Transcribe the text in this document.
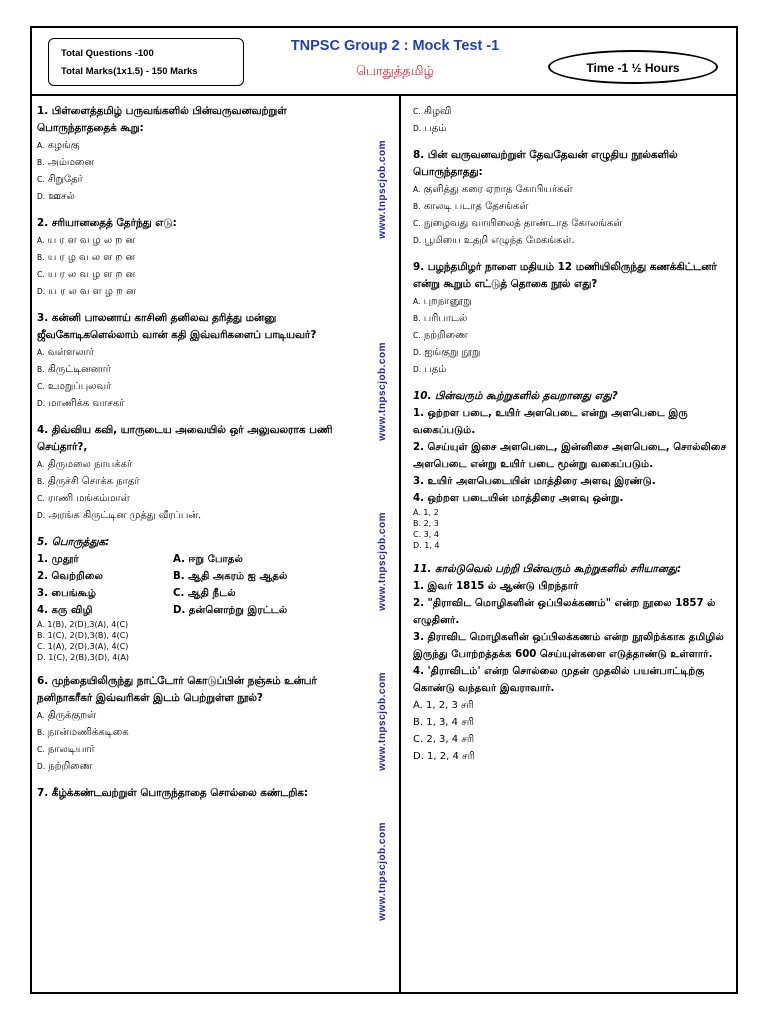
Total Questions -100
Total Marks(1x1.5) - 150 Marks
TNPSC Group 2 : Mock Test -1
பொதுத்தமிழ்	Time -1 ½ Hours
www.tnpscjob.com
www.tnpscjob.com
www.tnpscjob.com
www.tnpscjob.com
www.tnpscjob.com
1. பிள்ளைத்தமிழ் பருவங்களில் பின்வருவனவற்றுள் பொருந்தாததைக் கூறு:
A. கழங்கு
B. அம்மனை
C. சிறுதேர்
D. ஊசல்
2. சரியானதைத் தேர்ந்து எடு:
A. ய ர ள வ ழ ல ற ன
B. ய ர ழ வ ல ள ற ன
C. ய ர ல வ ழ ள ற ன
D. ய ர ல வ ள ழ ற ன
3. கன்னி பாலனாய் காசினி தனிலவ தரித்து மன்னு ஜீவகோடிகளெல்லாம் வான் கதி இவ்வரிகளைப் பாடியவர்?
A. வள்ளலார்
B. கிருட்டினனார்
C. உமறுப்புலவர்
D. மாணிக்க வாசகர்
4. திவ்விய கவி, யாருடைய அவையில் ஒர் அலுவலராக பணி செய்தார்?,
A. திருமலை நாயக்கர்
B. திருச்சி சொக்க நாதர்
C. ராணி மங்கம்மாள்
D. அரங்க கிருட்டின முத்து வீரப்பன்.
5. பொருத்துக:
1. முதூர்	A. ஈறு போதல்
2. வெற்றிலை	B. ஆதி அகரம் ஐ ஆதல்
3. பைங்கூழ்	C. ஆதி நீடல்
4. கரு விழி	D. தன்னொற்று இரட்டல்
A. 1(B), 2(D),3(A), 4(C)
B. 1(C), 2(D),3(B), 4(C)
C. 1(A), 2(D),3(A), 4(C)
D. 1(C), 2(B),3(D), 4(A)
6. முந்தையிலிருந்து நாட்டோர் கொடுப்பின் நஞ்சும் உன்பர் நனிநாகரீகர் இவ்வரிகள் இடம் பெற்றுள்ள நூல்?
A. திருக்குறள்
B. நான்மணிக்கடிகை
C. நாலடியார்
D. நற்றிணை
7. கீழ்க்கண்டவற்றுள் பொருந்தாதை சொல்லை கண்டறிக:
C. கிழவி
D. பதம்
8. பின் வருவனவற்றுள் தேவதேவன் எழுதிய நூல்களில் பொருந்தாதது:
A. குளித்து கரை ஏறாத கோபியர்கள்
B. காலடி படாத தேசங்கள்
C. நுழைவது வாயிலைத் தாண்டாத கோலங்கள்
D. பூமியை உதறி எழுந்த மேகங்கள்.
9. பழந்தமிழர் நாளை மதியம் 12 மணியிலிருந்து கணக்கிட்டனர் என்று கூறும் எட்டுத் தொகை நூல் எது?
A. புறநானூறு
B. பரிபாடல்
C. நற்றிணை
D. ஐங்குறு நூறு
D. பதம்
10. பின்வரும் கூற்றுகளில் தவறானது எது?
1. ஒற்றள படை, உயிர் அளபெடை என்று அளபெடை இரு வகைப்படும்.
2. செய்யுள் இசை அளபெடை, இன்னிசை அளபெடை, சொல்லிசை அளபெடை என்று உயிர் படை மூன்று வகைப்படும்.
3. உயிர் அளபெடையின் மாத்திரை அளவு இரண்டு.
4. ஒற்றள படையின் மாத்திரை அளவு ஒன்று.
A. 1, 2
B. 2, 3
C. 3, 4
D. 1, 4
11. கால்டுவெல் பற்றி பின்வரும் கூற்றுகளில் சரியானது:
1. இவர் 1815 ல் ஆண்டு பிறந்தார்
2. "திராவிட மொழிகளின் ஒப்பிலக்கணம்" என்ற நூலை 1857 ல் எழுதினர்.
3. திராவிட மொழிகளின் ஒப்பிலக்கணம் என்ற நூலிற்க்காக தமிழில் இருந்து போற்றத்தக்க 600 செய்யுள்களை எடுத்தாண்டு உள்ளார்.
4. 'திராவிடம்' என்ற சொல்லை முதன் முதலில் பயன்பாட்டிற்கு கொண்டு வந்தவர் இவராவார்.
A. 1, 2, 3 சரி
B. 1, 3, 4 சரி
C. 2, 3, 4 சரி
D. 1, 2, 4 சரி
